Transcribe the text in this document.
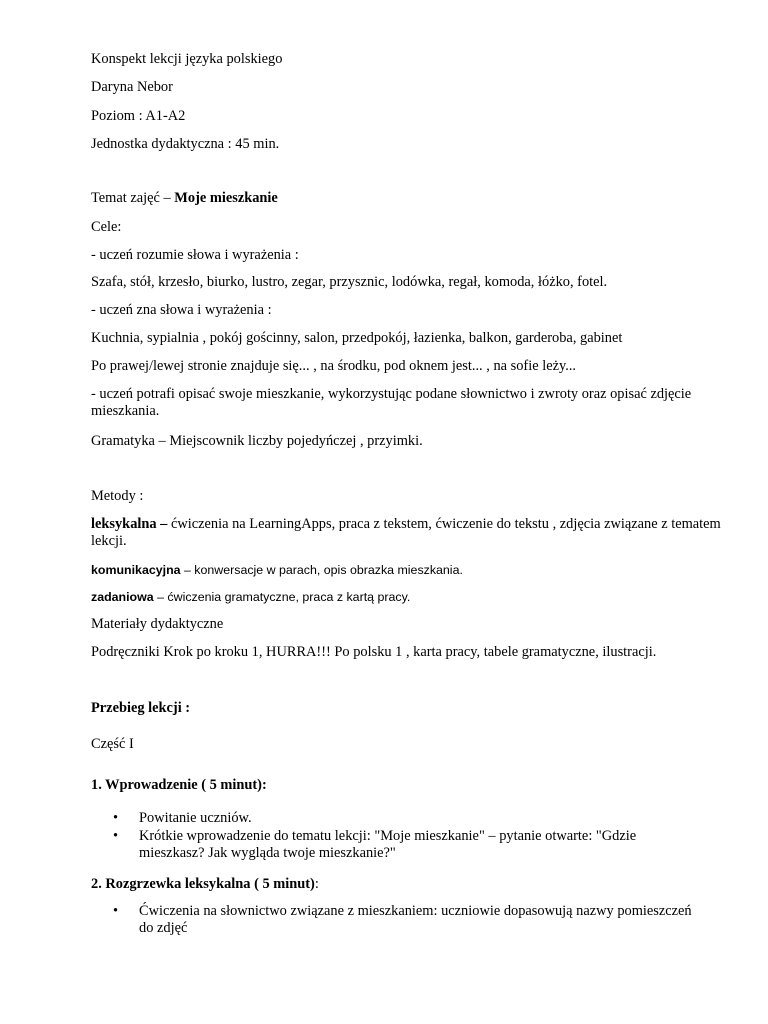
Konspekt lekcji języka polskiego

Daryna Nebor

Poziom : A1-A2

Jednostka dydaktyczna : 45 min.

Temat zajęć – Moje mieszkanie

Cele:

- uczeń rozumie słowa i wyrażenia :

Szafa, stół, krzesło, biurko, lustro, zegar, przysznic, lodówka, regał, komoda, łóżko, fotel.

- uczeń zna słowa i wyrażenia :

Kuchnia, sypialnia , pokój gościnny, salon, przedpokój, łazienka, balkon, garderoba, gabinet

Po prawej/lewej stronie znajduje się... , na środku, pod oknem jest... , na sofie leży...

- uczeń potrafi opisać swoje mieszkanie, wykorzystując podane słownictwo i zwroty oraz opisać zdjęcie mieszkania.

Gramatyka – Miejscownik liczby pojedyńczej , przyimki.

Metody :

leksykalna – ćwiczenia na LearningApps, praca z tekstem, ćwiczenie do tekstu , zdjęcia związane z tematem lekcji.

komunikacyjna – konwersacje w parach, opis obrazka mieszkania.

zadaniowa – ćwiczenia gramatyczne, praca z kartą pracy.

Materiały dydaktyczne

Podręczniki Krok po kroku 1, HURRA!!! Po polsku 1 , karta pracy, tabele gramatyczne, ilustracji.

Przebieg lekcji :

Część I

1. Wprowadzenie ( 5 minut):

• Powitanie uczniów.

• Krótkie wprowadzenie do tematu lekcji: "Moje mieszkanie" – pytanie otwarte: "Gdzie mieszkasz? Jak wygląda twoje mieszkanie?"

2. Rozgrzewka leksykalna ( 5 minut):

• Ćwiczenia na słownictwo związane z mieszkaniem: uczniowie dopasowują nazwy pomieszczeń do zdjęć
